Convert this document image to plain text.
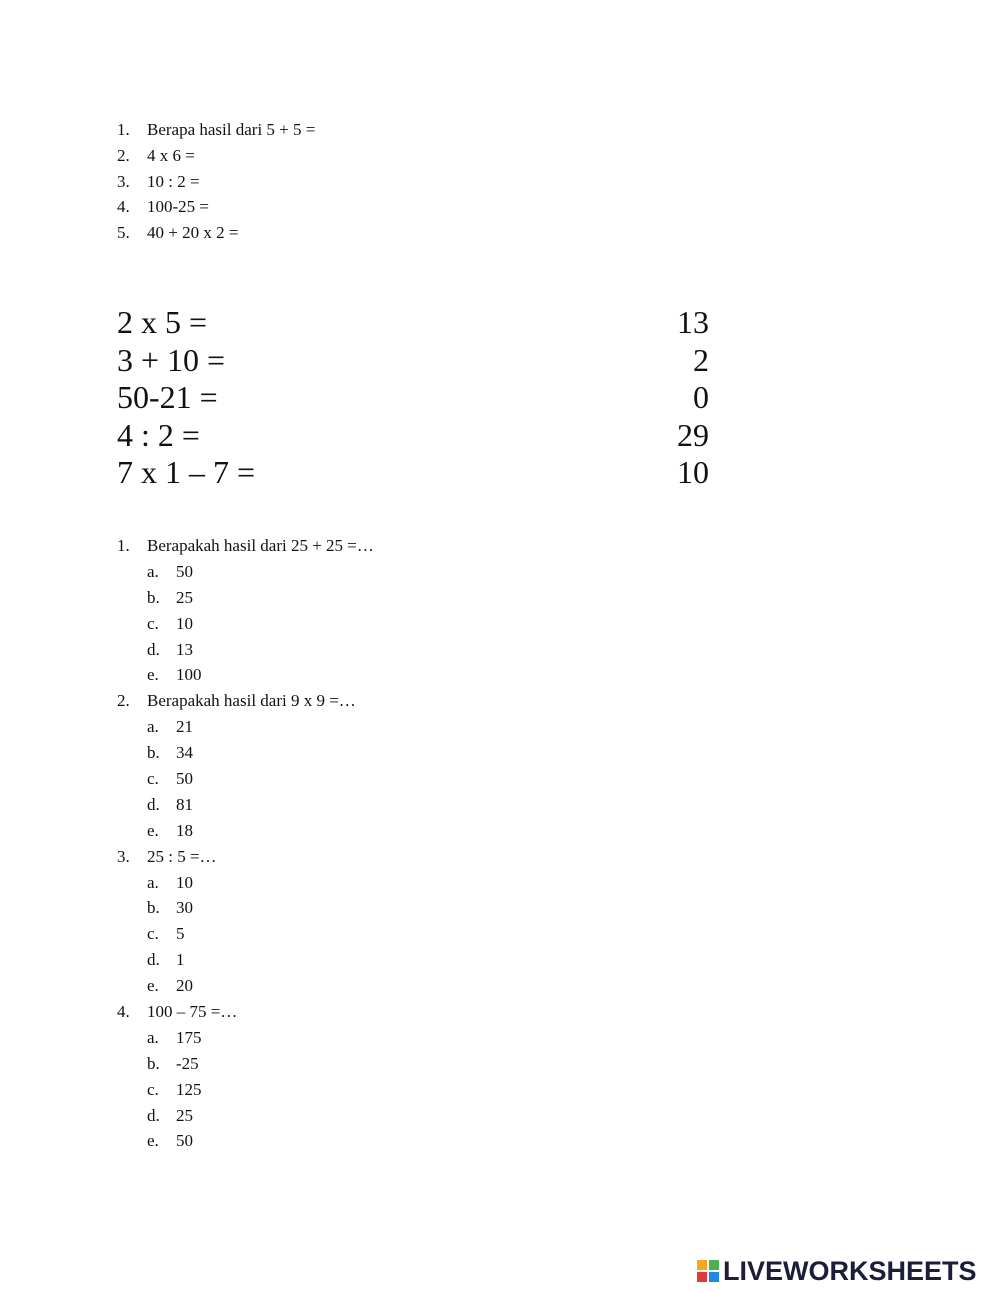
1.	Berapa hasil dari 5 + 5 =
2.	4 x 6 =
3.	10 : 2 =
4.	100-25 =
5.	40 + 20 x 2 =
2 x 5 =	13
3 + 10 =	2
50-21 =	0
4 : 2 =	29
7 x 1 – 7 =	10
1.	Berapakah hasil dari 25 + 25 =…
a. 50
b. 25
c. 10
d. 13
e. 100
2.	Berapakah hasil dari 9 x 9 =…
a. 21
b. 34
c. 50
d. 81
e. 18
3.	25 : 5 =…
a. 10
b. 30
c. 5
d. 1
e. 20
4.	100 – 75 =…
a. 175
b. -25
c. 125
d. 25
e. 50
LIVEWORKSHEETS
